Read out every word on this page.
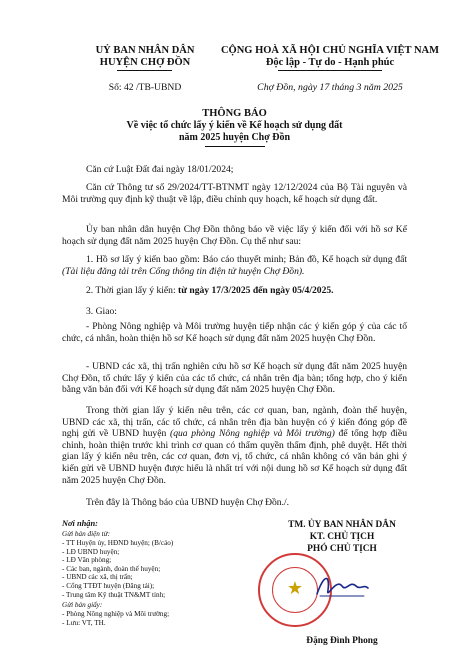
UỶ BAN NHÂN DÂN
HUYỆN CHỢ ĐỒN
Số: 42 /TB-UBND
CỘNG HOÀ XÃ HỘI CHỦ NGHĨA VIỆT NAM
Độc lập - Tự do - Hạnh phúc
Chợ Đồn, ngày 17 tháng 3 năm 2025
THÔNG BÁO
Về việc tổ chức lấy ý kiến về Kế hoạch sử dụng đất
năm 2025 huyện Chợ Đồn
Căn cứ Luật Đất đai ngày 18/01/2024;
Căn cứ Thông tư số 29/2024/TT-BTNMT ngày 12/12/2024 của Bộ Tài nguyên và Môi trường quy định kỹ thuật về lập, điều chỉnh quy hoạch, kế hoạch sử dụng đất.
Ủy ban nhân dân huyện Chợ Đồn thông báo về việc lấy ý kiến đối với hồ sơ Kế hoạch sử dụng đất năm 2025 huyện Chợ Đồn. Cụ thể như sau:
1. Hồ sơ lấy ý kiến bao gồm: Báo cáo thuyết minh; Bản đồ, Kế hoạch sử dụng đất (Tài liệu đăng tải trên Cổng thông tin điện tử huyện Chợ Đồn).
2. Thời gian lấy ý kiến: từ ngày 17/3/2025 đến ngày 05/4/2025.
3. Giao:
- Phòng Nông nghiệp và Môi trường huyện tiếp nhận các ý kiến góp ý của các tổ chức, cá nhân, hoàn thiện hồ sơ Kế hoạch sử dụng đất năm 2025 huyện Chợ Đồn.
- UBND các xã, thị trấn nghiên cứu hồ sơ Kế hoạch sử dụng đất năm 2025 huyện Chợ Đồn, tổ chức lấy ý kiến của các tổ chức, cá nhân trên địa bàn; tổng hợp, cho ý kiến bằng văn bản đối với Kế hoạch sử dụng đất năm 2025 huyện Chợ Đồn.
Trong thời gian lấy ý kiến nêu trên, các cơ quan, ban, ngành, đoàn thể huyện, UBND các xã, thị trấn, các tổ chức, cá nhân trên địa bàn huyện có ý kiến đóng góp đề nghị gửi về UBND huyện (qua phòng Nông nghiệp và Môi trường) để tổng hợp điều chỉnh, hoàn thiện trước khi trình cơ quan có thẩm quyền thẩm định, phê duyệt. Hết thời gian lấy ý kiến nêu trên, các cơ quan, đơn vị, tổ chức, cá nhân không có văn bản ghi ý kiến gửi về UBND huyện được hiểu là nhất trí với nội dung hồ sơ Kế hoạch sử dụng đất năm 2025 huyện Chợ Đồn.
Trên đây là Thông báo của UBND huyện Chợ Đồn./.
Nơi nhận:
Gửi bản điện tử:
- TT Huyện ủy, HĐND huyện; (B/cáo)
- LĐ UBND huyện;
- LĐ Văn phòng;
- Các ban, ngành, đoàn thể huyện;
- UBND các xã, thị trấn;
- Cổng TTĐT huyện (Đăng tải);
- Trung tâm Kỹ thuật TN&MT tỉnh;
Gửi bản giấy:
- Phòng Nông nghiệp và Môi trường;
- Lưu: VT, TH.
TM. ỦY BAN NHÂN DÂN
KT. CHỦ TỊCH
PHÓ CHỦ TỊCH
★
Đặng Đình Phong
